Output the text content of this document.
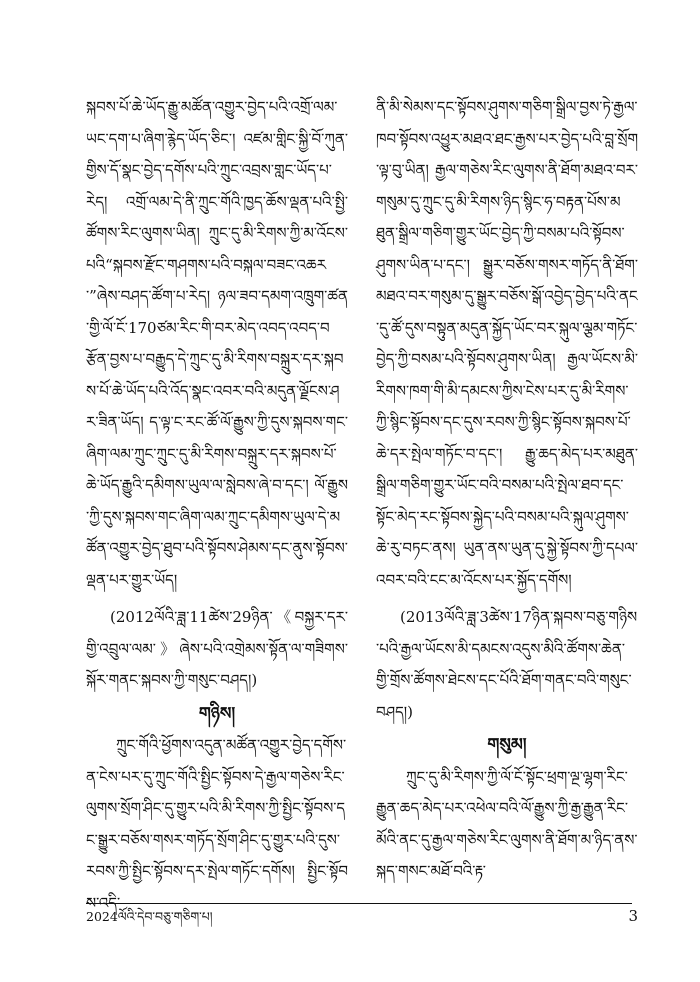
སྐབས་པོ་ཆེ་ཡོད་རྒྱུ་མཚོན་འགྱུར་བྱེད་པའི་འགྲོ་ལམ་ཡང་དག་པ་ཞིག་རྙེད་ཡོད་ཅིང་། འཛམ་གླིང་སྐྱི་བོ་ཀུན་གྱིས་དོ་སྣང་བྱེད་དགོས་པའི་ཀྲུང་འབྲས་གླང་ཡོད་པ་རེད། འགྲོ་ལམ་དེ་ནི་ཀྲུང་གོའི་ཁྱད་ཆོས་ལྡན་པའི་སྤྱི་ཚོགས་རིང་ལུགས་ཡིན། ཀྲུང་དུ་མི་རིགས་ཀྱི་མ་འོངས་པའི“སྐབས་རྫོང་གཤགས་པའི་བསྐལ་བཟང་འཆར་”ཞེས་བཤད་ཚོག་པ་རེད། ཉལ་ཟབ་དམག་འཁྲུག་ཚན་གྱི་ལོ་ངོ་170ཙམ་རིང་གི་བར་མེད་འབད་འབད་བརྩོན་བྱས་པ་བརྒྱུད་དེ་ཀྲུང་དུ་མི་རིགས་བསྐྲུར་དར་སྐབས་པོ་ཆེ་ཡོད་པའི་འོད་སྣང་འབར་བའི་མདུན་ལྗོངས་ཤར་ཟིན་ཡོད། ད་ལྟ་ང་རང་ཚོ་ལོ་རྒྱུས་ཀྱི་དུས་སྐབས་གང་ཞིག་ལམ་ཀྲུང་ཀྲུང་དུ་མི་རིགས་བསྐྲུར་དར་སྐབས་པོ་ཆེ་ཡོད་རྒྱུའི་དམིགས་ཡུལ་ལ་སླེབས་ཞེ་བ་དང་། ལོ་རྒྱུས་ཀྱི་དུས་སྐབས་གང་ཞིག་ལམ་ཀྲུང་དམིགས་ཡུལ་དེ་མཚོན་འགྱུར་བྱེད་ཐུབ་པའི་སྟོབས་ཤེམས་དང་ནུས་སྟོབས་ལྡན་པར་གྱུར་ཡོད།

(2012ལོའི་ཟླ་11ཚེས་29ཉིན་《བསྐྱར་དར་གྱི་འབྲུལ་ལམ་》ཞེས་པའི་འགྲེམས་སྟོན་ལ་གཟིགས་སྐོར་གནང་སྐབས་ཀྱི་གསུང་བཤད།)

གཉིས།

ཀྲུང་གོའི་ཕྱོགས་འདུན་མཚོན་འགྱུར་བྱེད་དགོས་ན་ངེས་པར་དུ་ཀྲུང་གོའི་སྤྱིང་སྟོབས་དེ་རྒྱལ་གཅེས་རིང་ལུགས་སྲོག་ཤིང་དུ་གྱུར་པའི་མི་རིགས་ཀྱི་སྤྱིང་སྟོབས་དང་སྒྱུར་བཅོས་གསར་གཏོད་སྲོག་ཤིང་དུ་གྱུར་པའི་དུས་རབས་ཀྱི་སྤྱིང་སྟོབས་དར་སྤེལ་གཏོང་དགོས། སྤྱིང་སྟོབས་འདི་

ནི་མི་སེམས་དང་སྟོབས་ཤུགས་གཅིག་སྒྲིལ་བྱས་ཏེ་རྒྱལ་ཁབ་སྟོབས་འཕྱུར་མཐའ་ཐང་རྒྱས་པར་བྱེད་པའི་བླ་སྲོག་ལྟ་བུ་ཡིན། རྒྱལ་གཅེས་རིང་ལུགས་ནི་ཐོག་མཐའ་བར་གསུམ་དུ་ཀྲུང་དུ་མི་རིགས་ཉིད་སྙིང་ཧ་བརྟན་པོས་མཐུན་སྒྲིལ་གཅིག་གྱུར་ཡོང་བྱེད་ཀྱི་བསམ་པའི་སྟོབས་ཤུགས་ཡིན་པ་དང་། སྒྱུར་བཅོས་གསར་གཏོད་ནི་ཐོག་མཐའ་བར་གསུམ་དུ་སྒྱུར་བཅོས་སྒོ་འབྱེད་བྱེད་པའི་ནང་དུ་ཚོ་དུས་བསྟུན་མདུན་སྐྱོད་ཡོང་བར་སྐུལ་ལྕམ་གཏོང་བྱེད་ཀྱི་བསམ་པའི་སྟོབས་ཤུགས་ཡིན། རྒྱལ་ཡོངས་མི་རིགས་ཁག་གི་མི་དམངས་ཀྱིས་ངེས་པར་དུ་མི་རིགས་ཀྱི་སྙིང་སྟོབས་དང་དུས་རབས་ཀྱི་སྙིང་སྟོབས་སྐབས་པོ་ཆེ་དར་སྤེལ་གཏོང་བ་དང་། རྒྱུ་ཆད་མེད་པར་མཐུན་སྒྲིལ་གཅིག་གྱུར་ཡོང་བའི་བསམ་པའི་སྤེལ་ཐབ་དང་སྟོང་མེད་རང་སྟོབས་སྐྱེད་པའི་བསམ་པའི་སྐུལ་ཤུགས་ཆེ་རུ་བཏང་ནས། ཡུན་ནས་ཡུན་དུ་སྐྱེ་སྟོབས་ཀྱི་དཔལ་འབར་བའི་ངང་མ་འོངས་པར་སྐྱོད་དགོས།

(2013ལོའི་ཟླ་3ཚེས་17ཉིན་སྐབས་བཅུ་གཉིས་པའི་རྒྱལ་ཡོངས་མི་དམངས་འདུས་མིའི་ཚོགས་ཆེན་གྱི་གྲོས་ཚོགས་ཐེངས་དང་པོའི་ཐོག་གནང་བའི་གསུང་བཤད།)

གསུམ།

ཀྲུང་དུ་མི་རིགས་ཀྱི་ལོ་ངོ་སྟོང་ཕྲག་ལྔ་ལྷག་རིང་རྒྱུན་ཆད་མེད་པར་འཕེལ་བའི་ལོ་རྒྱུས་ཀྱི་རྒྱ་རྒྱུན་རིང་མོའི་ནང་དུ་རྒྱལ་གཅེས་རིང་ལུགས་ནི་ཐོག་མ་ཉིད་ནས་སྐད་གསང་མཐོ་བའི་རྟ་

2024ལོའི་དེབ་བཅུ་གཅིག་པ།	3
